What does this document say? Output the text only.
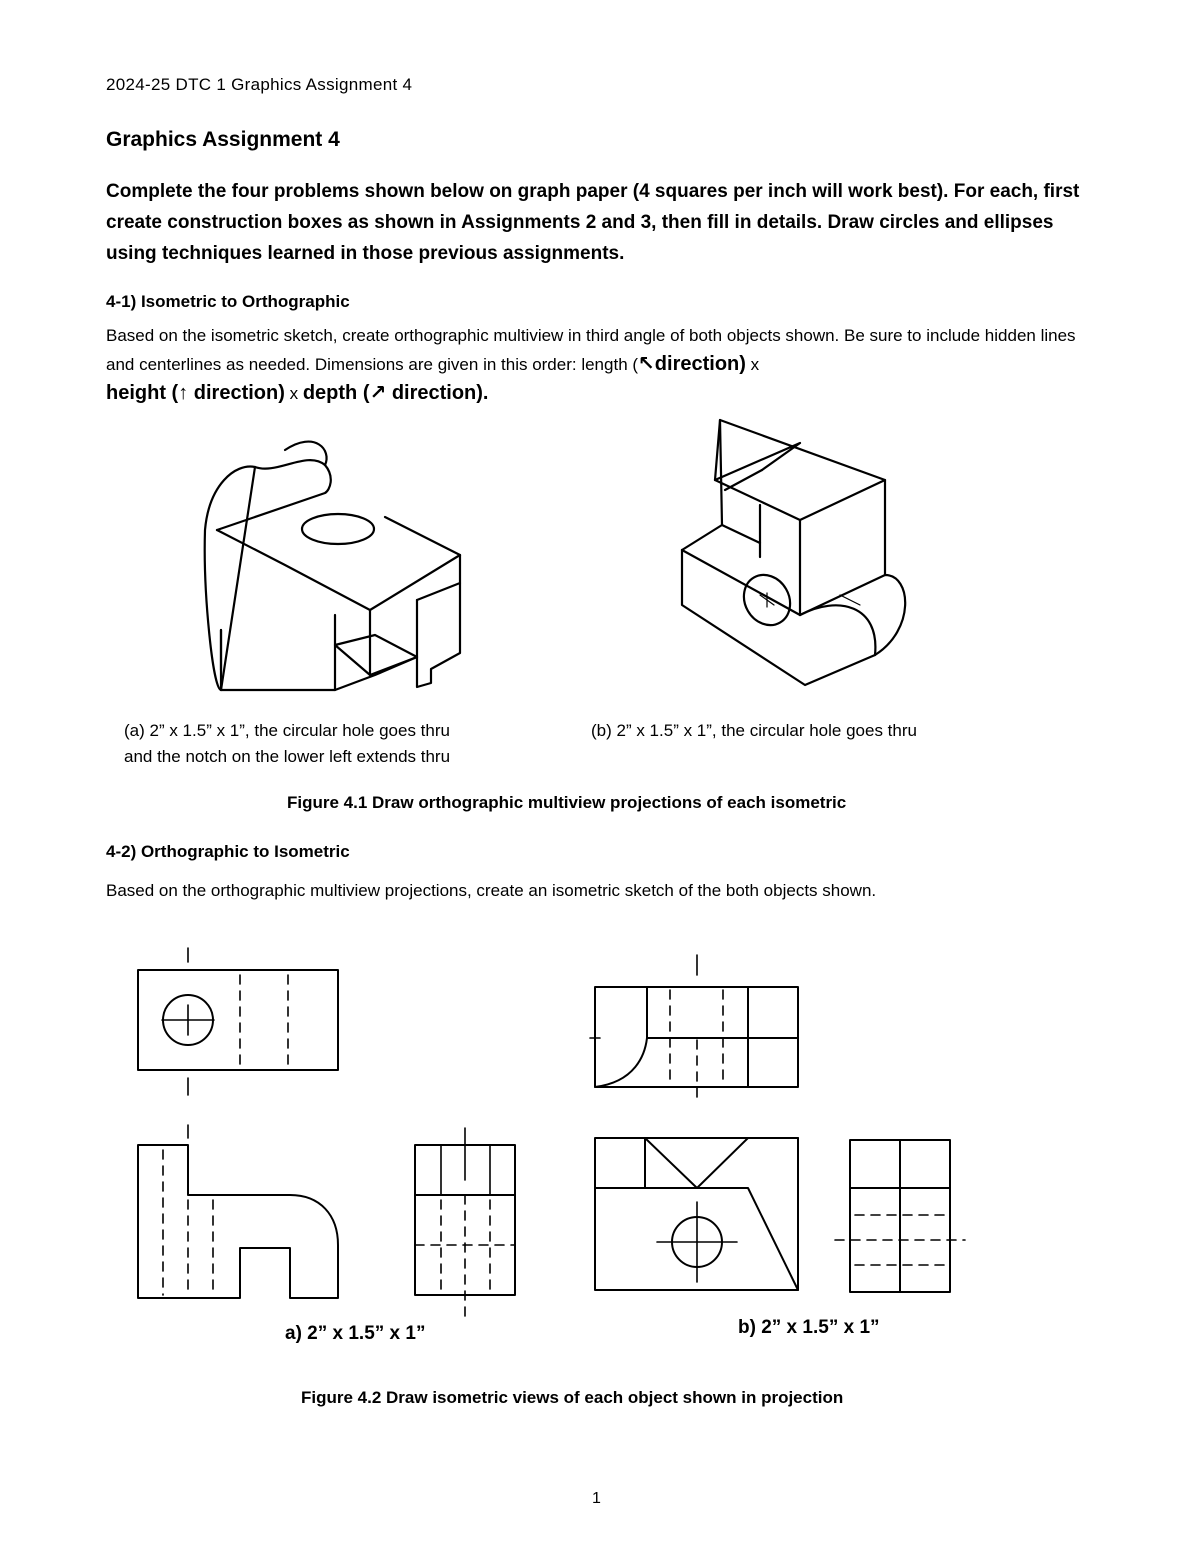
2024-25 DTC 1 Graphics Assignment 4

Graphics Assignment 4

Complete the four problems shown below on graph paper (4 squares per inch will work best). For each, first create construction boxes as shown in Assignments 2 and 3, then fill in details. Draw circles and ellipses using techniques learned in those previous assignments.

4-1) Isometric to Orthographic

Based on the isometric sketch, create orthographic multiview in third angle of both objects shown. Be sure to include hidden lines and centerlines as needed. Dimensions are given in this order: length (↖direction) x
height (↑ direction) x depth (↗ direction).

(a) 2” x 1.5” x 1”, the circular hole goes thru

and the notch on the lower left extends thru

(b) 2” x 1.5” x 1”, the circular hole goes thru

Figure 4.1 Draw orthographic multiview projections of each isometric

4-2) Orthographic to Isometric

Based on the orthographic multiview projections, create an isometric sketch of the both objects shown.

a) 2” x 1.5” x 1”	b) 2” x 1.5” x 1”

Figure 4.2 Draw isometric views of each object shown in projection

1
